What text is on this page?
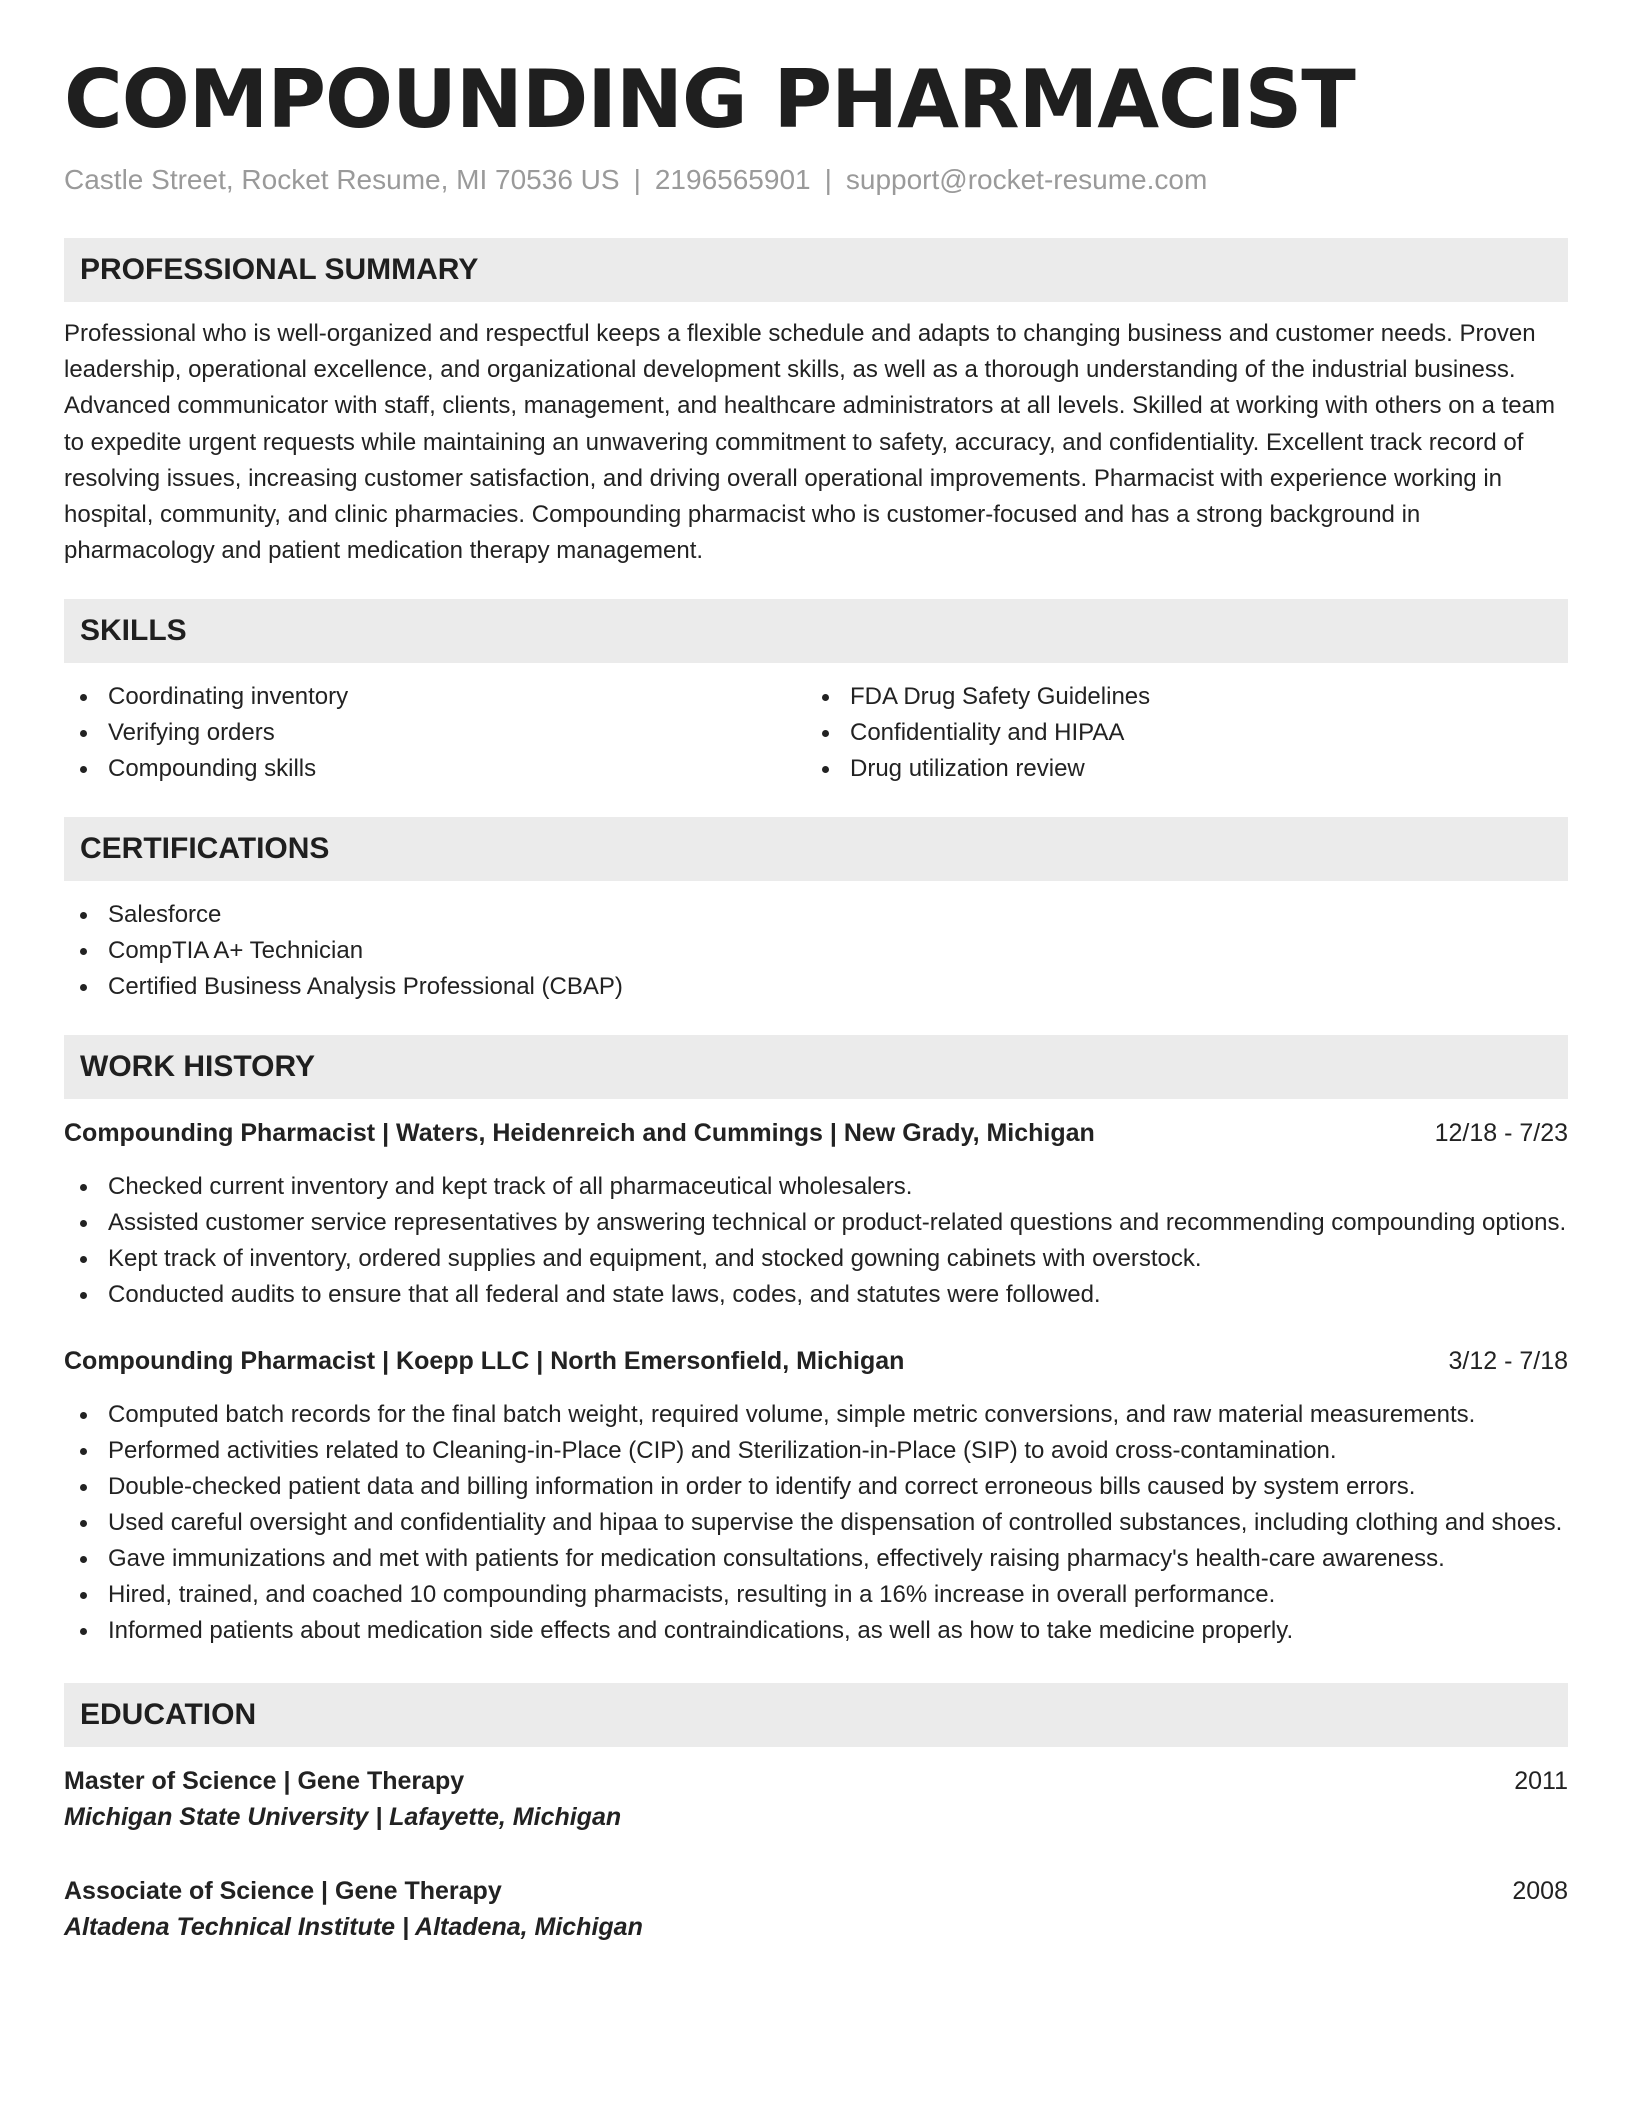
COMPOUNDING PHARMACIST
Castle Street, Rocket Resume, MI 70536 US | 2196565901 | support@rocket-resume.com
PROFESSIONAL SUMMARY

Professional who is well-organized and respectful keeps a flexible schedule and adapts to changing business and customer needs. Proven leadership, operational excellence, and organizational development skills, as well as a thorough understanding of the industrial business. Advanced communicator with staff, clients, management, and healthcare administrators at all levels. Skilled at working with others on a team to expedite urgent requests while maintaining an unwavering commitment to safety, accuracy, and confidentiality. Excellent track record of resolving issues, increasing customer satisfaction, and driving overall operational improvements. Pharmacist with experience working in hospital, community, and clinic pharmacies. Compounding pharmacist who is customer-focused and has a strong background in pharmacology and patient medication therapy management.

SKILLS
Coordinating inventory
Verifying orders
Compounding skills
FDA Drug Safety Guidelines
Confidentiality and HIPAA
Drug utilization review
CERTIFICATIONS
Salesforce
CompTIA A+ Technician
Certified Business Analysis Professional (CBAP)
WORK HISTORY
Compounding Pharmacist | Waters, Heidenreich and Cummings | New Grady, Michigan	12/18 - 7/23
Checked current inventory and kept track of all pharmaceutical wholesalers.
Assisted customer service representatives by answering technical or product-related questions and recommending compounding options.
Kept track of inventory, ordered supplies and equipment, and stocked gowning cabinets with overstock.
Conducted audits to ensure that all federal and state laws, codes, and statutes were followed.
Compounding Pharmacist | Koepp LLC | North Emersonfield, Michigan	3/12 - 7/18
Computed batch records for the final batch weight, required volume, simple metric conversions, and raw material measurements.
Performed activities related to Cleaning-in-Place (CIP) and Sterilization-in-Place (SIP) to avoid cross-contamination.
Double-checked patient data and billing information in order to identify and correct erroneous bills caused by system errors.
Used careful oversight and confidentiality and hipaa to supervise the dispensation of controlled substances, including clothing and shoes.
Gave immunizations and met with patients for medication consultations, effectively raising pharmacy's health-care awareness.
Hired, trained, and coached 10 compounding pharmacists, resulting in a 16% increase in overall performance.
Informed patients about medication side effects and contraindications, as well as how to take medicine properly.
EDUCATION
Master of Science | Gene Therapy	2011
Michigan State University | Lafayette, Michigan
Associate of Science | Gene Therapy	2008
Altadena Technical Institute | Altadena, Michigan
